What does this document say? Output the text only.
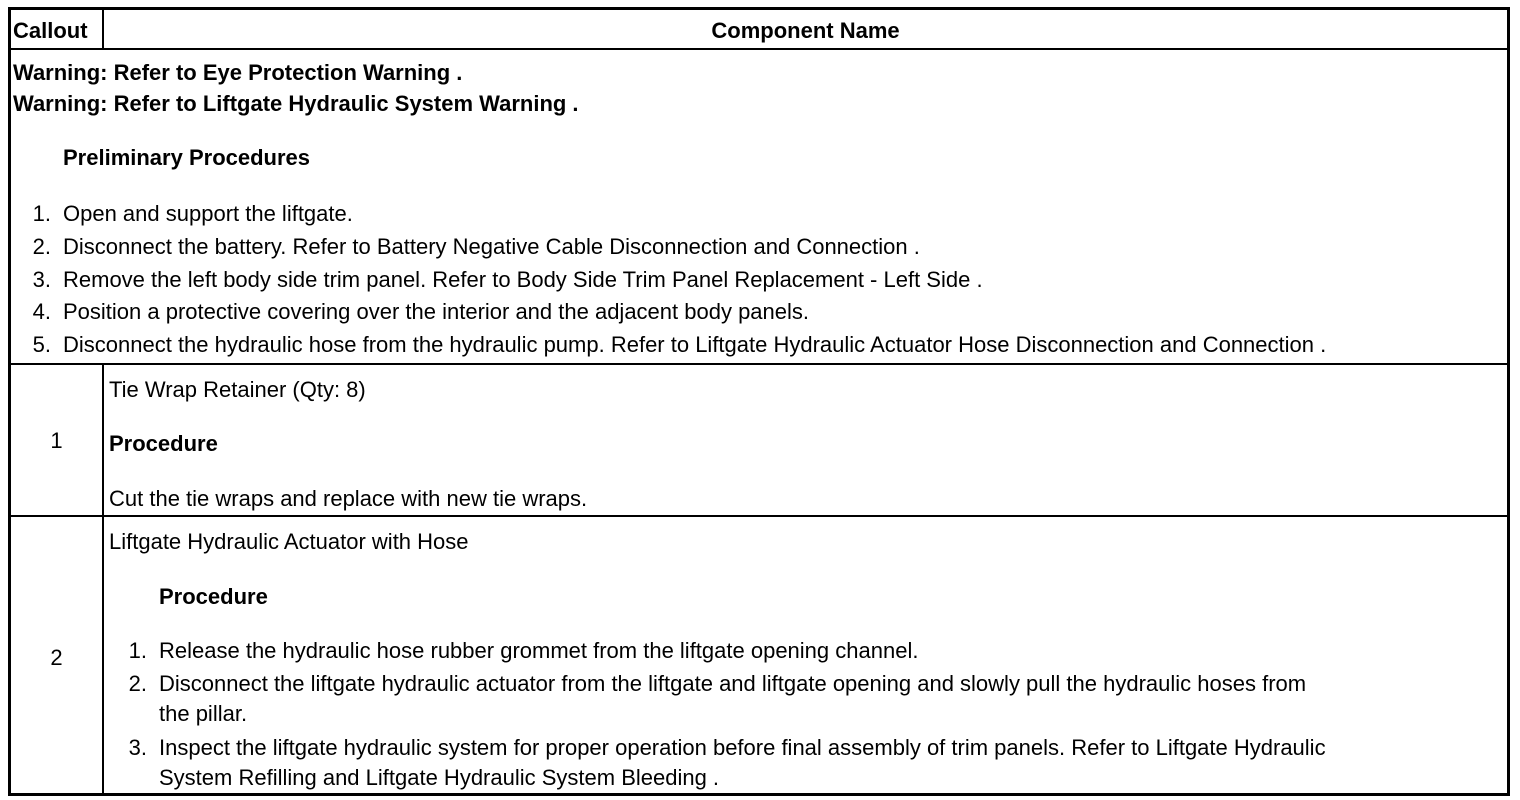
Callout	Component Name
Warning: Refer to Eye Protection Warning .
Warning: Refer to Liftgate Hydraulic System Warning .
Preliminary Procedures
1. Open and support the liftgate.
2. Disconnect the battery. Refer to Battery Negative Cable Disconnection and Connection .
3. Remove the left body side trim panel. Refer to Body Side Trim Panel Replacement - Left Side .
4. Position a protective covering over the interior and the adjacent body panels.
5. Disconnect the hydraulic hose from the hydraulic pump. Refer to Liftgate Hydraulic Actuator Hose Disconnection and Connection .
1
Tie Wrap Retainer (Qty: 8)
Procedure
Cut the tie wraps and replace with new tie wraps.
2
Liftgate Hydraulic Actuator with Hose
Procedure
1. Release the hydraulic hose rubber grommet from the liftgate opening channel.
2. Disconnect the liftgate hydraulic actuator from the liftgate and liftgate opening and slowly pull the hydraulic hoses from
the pillar.
3. Inspect the liftgate hydraulic system for proper operation before final assembly of trim panels. Refer to Liftgate Hydraulic
System Refilling and Liftgate Hydraulic System Bleeding .
